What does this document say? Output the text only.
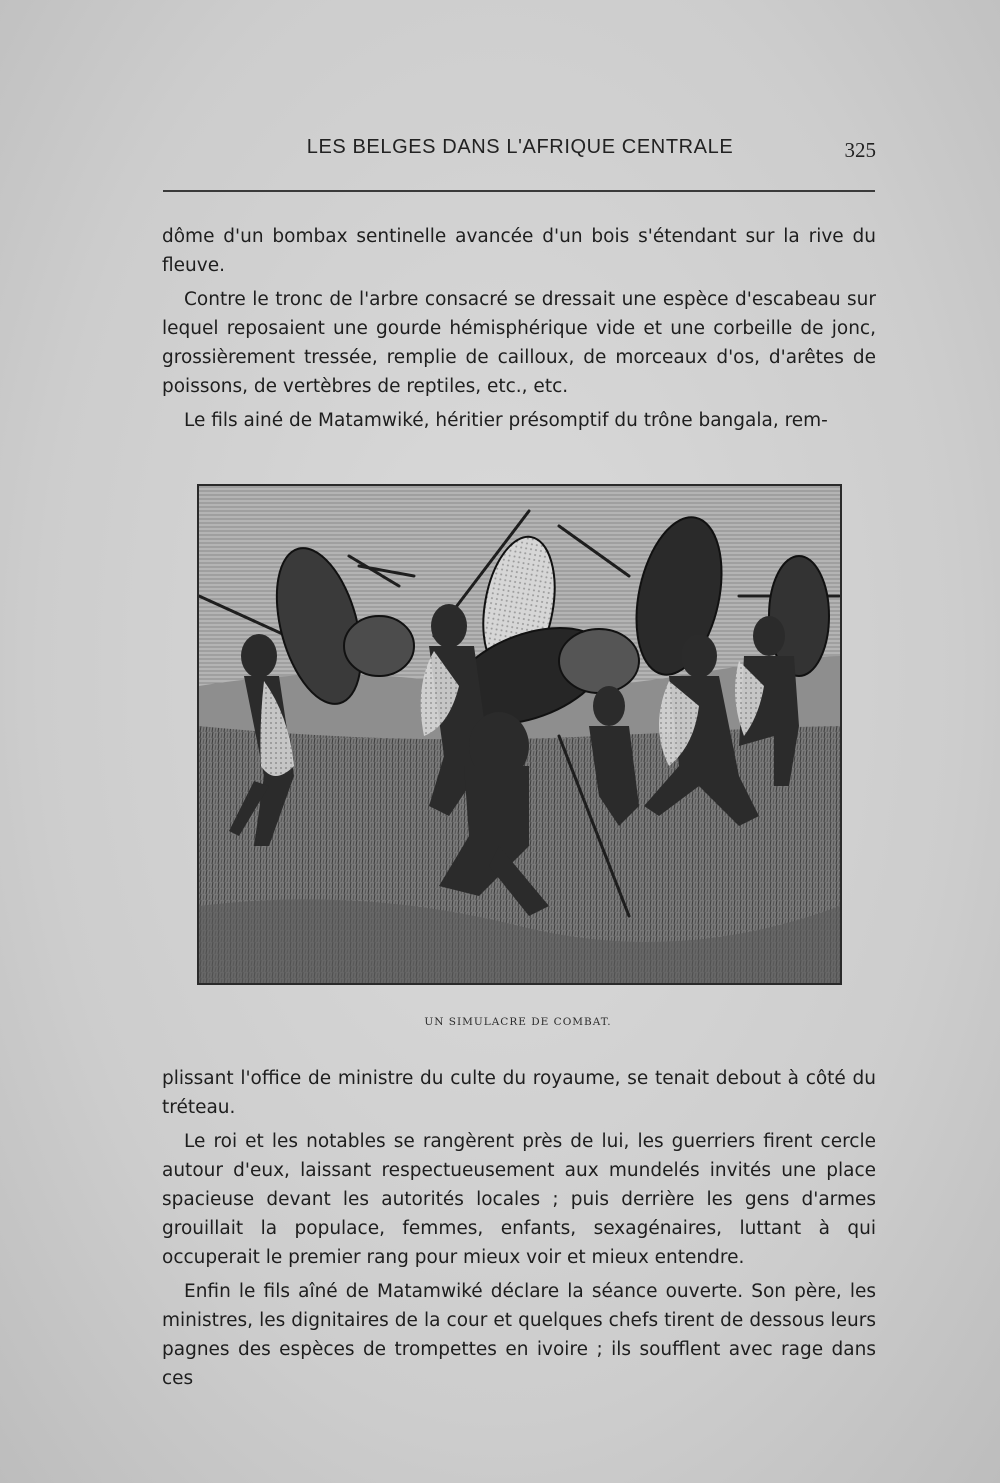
LES BELGES DANS L'AFRIQUE CENTRALE	325

dôme d'un bombax sentinelle avancée d'un bois s'étendant sur la rive du fleuve.

Contre le tronc de l'arbre consacré se dressait une espèce d'escabeau sur lequel reposaient une gourde hémisphérique vide et une corbeille de jonc, grossièrement tressée, remplie de cailloux, de morceaux d'os, d'arêtes de poissons, de vertèbres de reptiles, etc., etc.

Le fils ainé de Matamwiké, héritier présomptif du trône bangala, rem-

UN SIMULACRE DE COMBAT.

plissant l'office de ministre du culte du royaume, se tenait debout à côté du tréteau.

Le roi et les notables se rangèrent près de lui, les guerriers firent cercle autour d'eux, laissant respectueusement aux mundelés invités une place spacieuse devant les autorités locales ; puis derrière les gens d'armes grouillait la populace, femmes, enfants, sexagénaires, luttant à qui occuperait le premier rang pour mieux voir et mieux entendre.

Enfin le fils aîné de Matamwiké déclare la séance ouverte. Son père, les ministres, les dignitaires de la cour et quelques chefs tirent de dessous leurs pagnes des espèces de trompettes en ivoire ; ils soufflent avec rage dans ces
